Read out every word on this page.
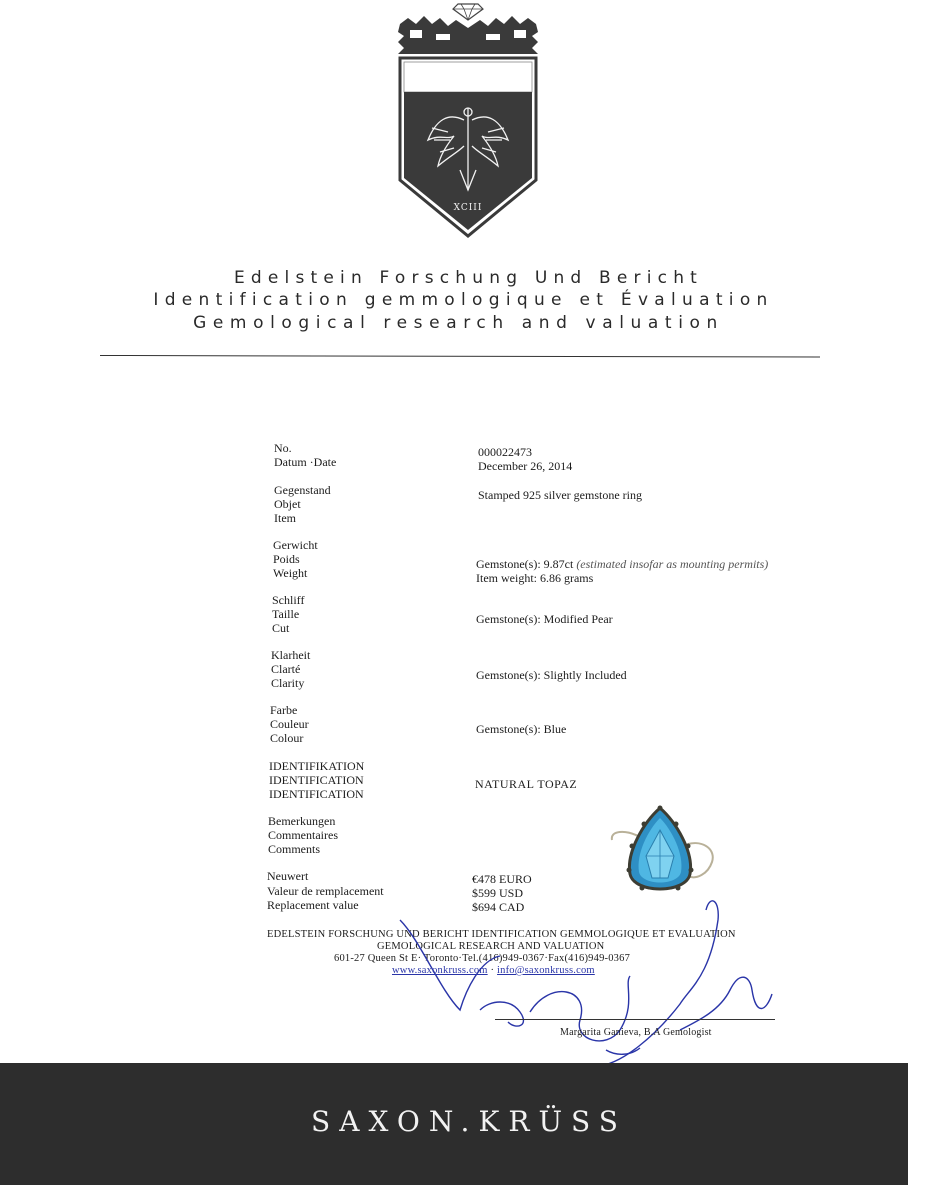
XCIII
Edelstein Forschung Und Bericht
Identification gemmologique et Évaluation
Gemological research and valuation
No.
Datum ·Date
000022473
December 26, 2014
Gegenstand
Objet
Item
Stamped 925 silver gemstone ring
Gerwicht
Poids
Weight
Gemstone(s): 9.87ct (estimated insofar as mounting permits)
Item weight: 6.86 grams
Schliff
Taille
Cut
Gemstone(s): Modified Pear
Klarheit
Clarté
Clarity
Gemstone(s): Slightly Included
Farbe
Couleur
Colour
Gemstone(s): Blue
IDENTIFIKATION
IDENTIFICATION
IDENTIFICATION
NATURAL TOPAZ
Bemerkungen
Commentaires
Comments
Neuwert
Valeur de remplacement
Replacement value
€478 EURO
$599 USD
$694 CAD
EDELSTEIN FORSCHUNG UND BERICHT IDENTIFICATION GEMMOLOGIQUE ET EVALUATION
GEMOLOGICAL RESEARCH AND VALUATION
601-27 Queen St E· Toronto·Tel.(416)949-0367·Fax(416)949-0367
www.saxonkruss.com · info@saxonkruss.com
Margarita Ganieva, B.A Gemologist
SAXON.KRÜSS
